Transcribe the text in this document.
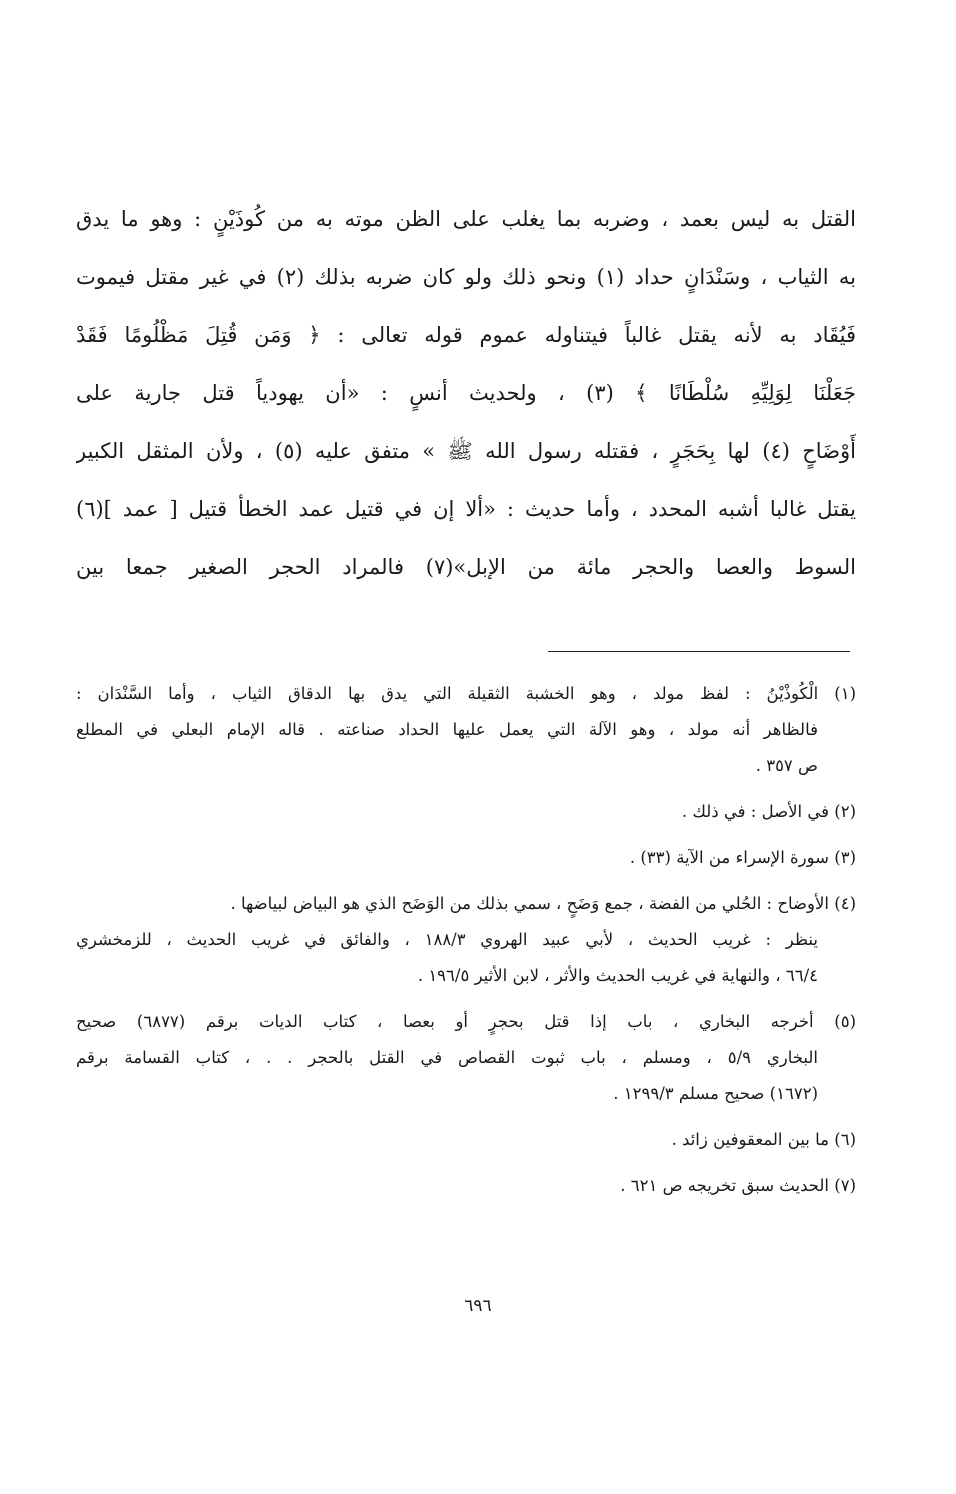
القتل به ليس بعمد ، وضربه بما يغلب على الظن موته به من كُوذَيْنٍ : وهو ما يدق
به الثياب ، وسَنْدَانٍ حداد (١) ونحو ذلك ولو كان ضربه بذلك (٢) في غير مقتل فيموت
فَيُقَاد به لأنه يقتل غالباً فيتناوله عموم قوله تعالى : ﴿ وَمَن قُتِلَ مَظْلُومًا فَقَدْ
جَعَلْنَا لِوَلِيِّهِ سُلْطَانًا ﴾ (٣) ، ولحديث أنسٍ : «أن يهودياً قتل جارية على
أَوْضَاحٍ (٤) لها بِحَجَرٍ ، فقتله رسول الله ﷺ » متفق عليه (٥) ، ولأن المثقل الكبير
يقتل غالبا أشبه المحدد ، وأما حديث : «ألا إن في قتيل عمد الخطأ قتيل [ عمد ](٦)
السوط والعصا والحجر مائة من الإبل»(٧) فالمراد الحجر الصغير جمعا بين
(١) الْكُوذْيْنُ : لفظ مولد ، وهو الخشبة الثقيلة التي يدق بها الدقاق الثياب ، وأما السَّنْدَان :
فالظاهر أنه مولد ، وهو الآلة التي يعمل عليها الحداد صناعته . قاله الإمام البعلي في المطلع
ص ٣٥٧ .
(٢) في الأصل : في ذلك .
(٣) سورة الإسراء من الآية (٣٣) .
(٤) الأوضاح : الحُلي من الفضة ، جمع وَضَحٍ ، سمي بذلك من الوَضَح الذي هو البياض لبياضها .
ينظر : غريب الحديث ، لأبي عبيد الهروي ١٨٨/٣ ، والفائق في غريب الحديث ، للزمخشري
٦٦/٤ ، والنهاية في غريب الحديث والأثر ، لابن الأثير ١٩٦/٥ .
(٥) أخرجه البخاري ، باب إذا قتل بحجرٍ أو بعصا ، كتاب الديات برقم (٦٨٧٧) صحيح
البخاري ٥/٩ ، ومسلم ، باب ثبوت القصاص في القتل بالحجر . . ، كتاب القسامة برقم
(١٦٧٢) صحيح مسلم ١٢٩٩/٣ .
(٦) ما بين المعقوفين زائد .
(٧) الحديث سبق تخريجه ص ٦٢١ .
٦٩٦
